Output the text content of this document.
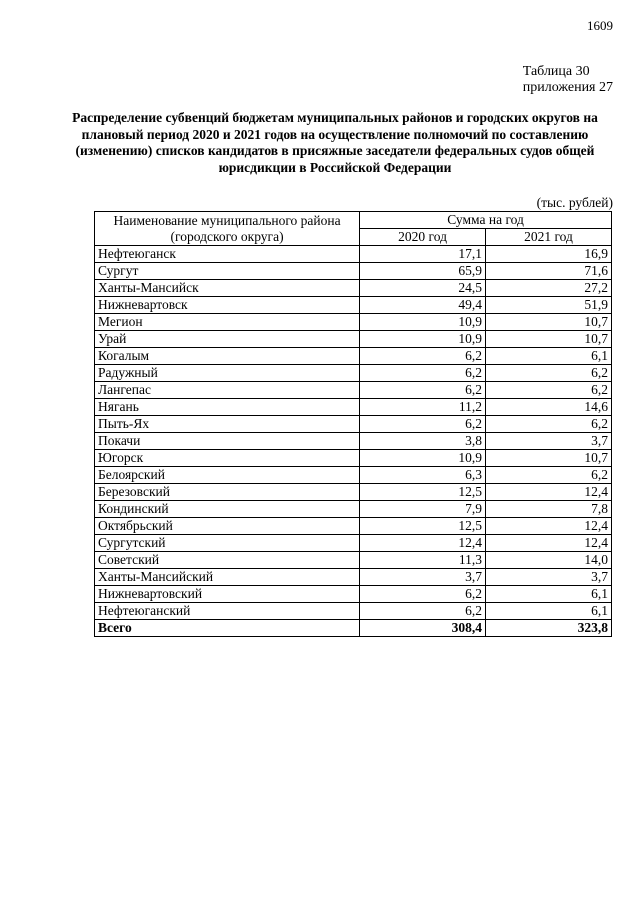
1609
Таблица 30
приложения 27
Распределение субвенций бюджетам муниципальных районов и городских округов на плановый период 2020 и 2021 годов на осуществление полномочий по составлению (изменению) списков кандидатов в присяжные заседатели федеральных судов общей юрисдикции в Российской Федерации
(тыс. рублей)
Наименование муниципального района
(городского округа)	Сумма на год	
	2020 год	2021 год
Нефтеюганск	17,1	16,9
Сургут	65,9	71,6
Ханты-Мансийск	24,5	27,2
Нижневартовск	49,4	51,9
Мегион	10,9	10,7
Урай	10,9	10,7
Когалым	6,2	6,1
Радужный	6,2	6,2
Лангепас	6,2	6,2
Нягань	11,2	14,6
Пыть-Ях	6,2	6,2
Покачи	3,8	3,7
Югорск	10,9	10,7
Белоярский	6,3	6,2
Березовский	12,5	12,4
Кондинский	7,9	7,8
Октябрьский	12,5	12,4
Сургутский	12,4	12,4
Советский	11,3	14,0
Ханты-Мансийский	3,7	3,7
Нижневартовский	6,2	6,1
Нефтеюганский	6,2	6,1
Всего	308,4	323,8
